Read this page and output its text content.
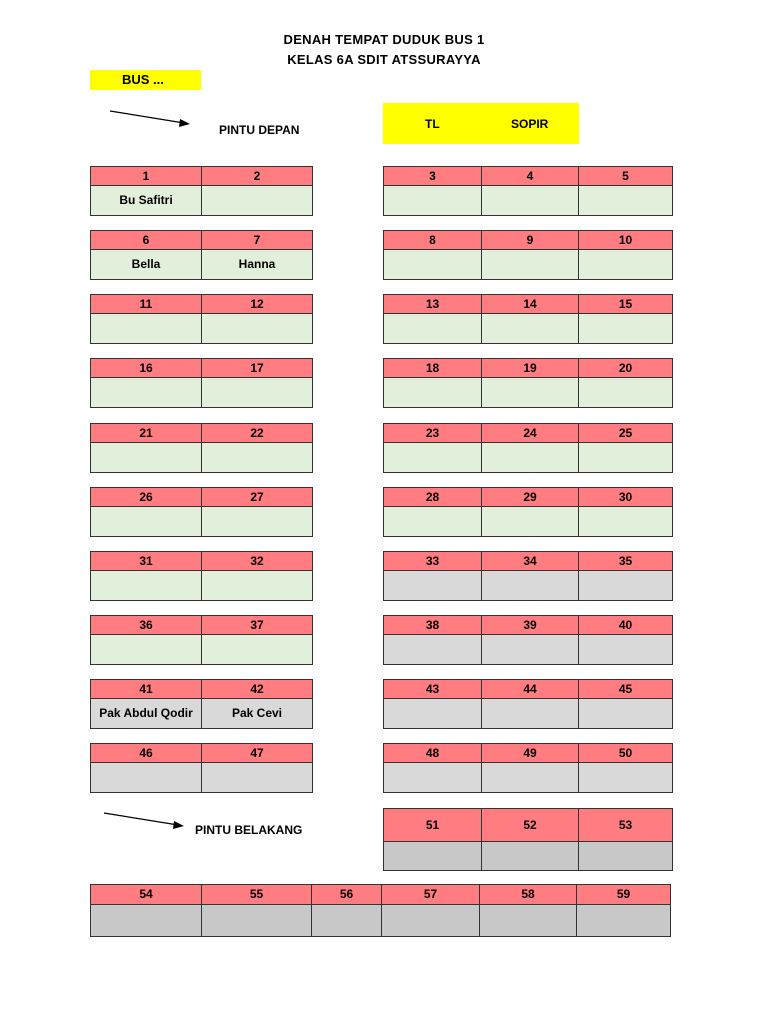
DENAH TEMPAT DUDUK BUS 1
KELAS 6A SDIT ATSSURAYYA
BUS ...
PINTU DEPAN	TL	SOPIR
PINTU BELAKANG
1	2
Bu Safitri	
6	7
Bella	Hanna
11	12

16	17

21	22

26	27

31	32

36	37

41	42
Pak Abdul Qodir	Pak Cevi
46	47

3	4	5

8	9	10

13	14	15

18	19	20

23	24	25

28	29	30

33	34	35

38	39	40

43	44	45

48	49	50

51	52	53

54	55	56	57	58	59
